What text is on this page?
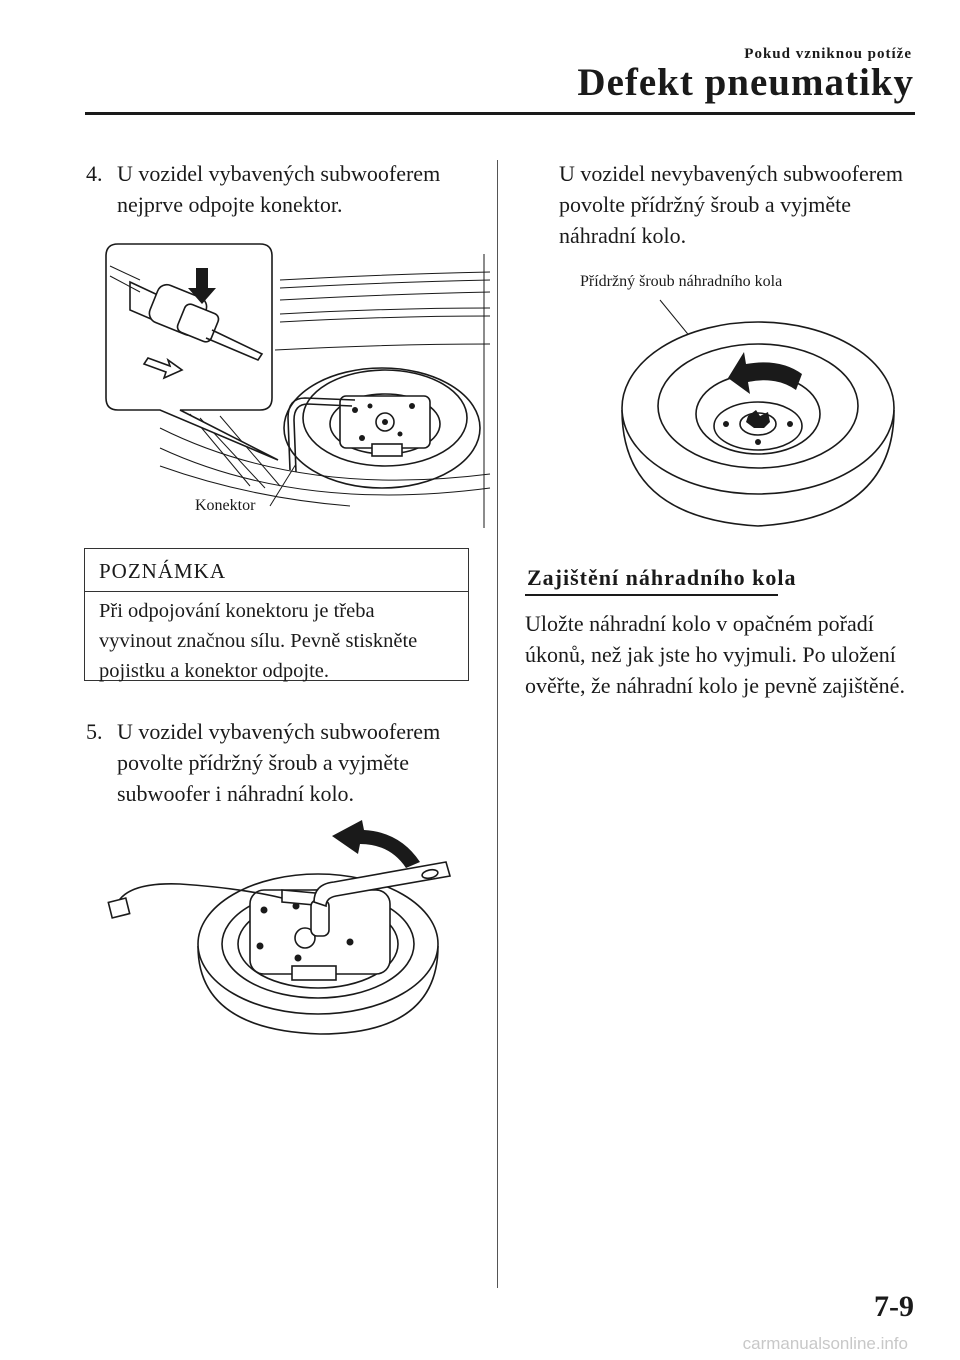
Pokud vzniknou potíže
Defekt pneumatiky
4. U vozidel vybavených subwooferem
nejprve odpojte konektor.
Konektor
POZNÁMKA
Při odpojování konektoru je třeba
vyvinout značnou sílu. Pevně stiskněte
pojistku a konektor odpojte.
5. U vozidel vybavených subwooferem
povolte přídržný šroub a vyjměte
subwoofer i náhradní kolo.
U vozidel nevybavených subwooferem
povolte přídržný šroub a vyjměte
náhradní kolo.
Přídržný šroub náhradního kola
Zajištění náhradního kola
Uložte náhradní kolo v opačném pořadí
úkonů, než jak jste ho vyjmuli. Po uložení
ověřte, že náhradní kolo je pevně zajištěné.
7-9
carmanualsonline.info
